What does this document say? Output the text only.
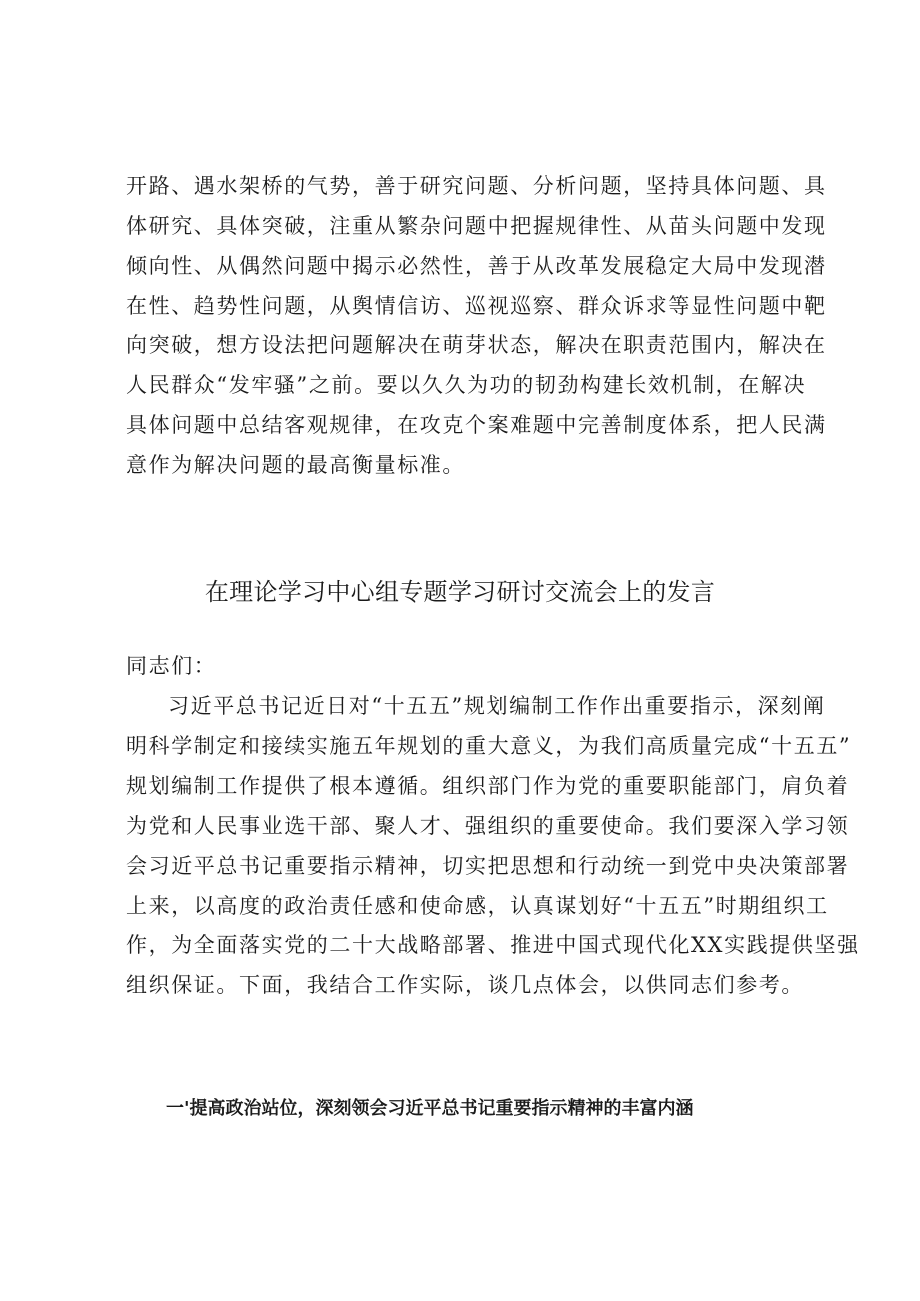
开路、遇水架桥的气势，善于研究问题、分析问题，坚持具体问题、具
体研究、具体突破，注重从繁杂问题中把握规律性、从苗头问题中发现
倾向性、从偶然问题中揭示必然性，善于从改革发展稳定大局中发现潜
在性、趋势性问题，从舆情信访、巡视巡察、群众诉求等显性问题中靶
向突破，想方设法把问题解决在萌芽状态，解决在职责范围内，解决在
人民群众“发牢骚”之前。要以久久为功的韧劲构建长效机制，在解决
具体问题中总结客观规律，在攻克个案难题中完善制度体系，把人民满
意作为解决问题的最高衡量标准。
在理论学习中心组专题学习研讨交流会上的发言
同志们：
习近平总书记近日对“十五五”规划编制工作作出重要指示，深刻阐
明科学制定和接续实施五年规划的重大意义，为我们高质量完成“十五五”
规划编制工作提供了根本遵循。组织部门作为党的重要职能部门，肩负着
为党和人民事业选干部、聚人才、强组织的重要使命。我们要深入学习领
会习近平总书记重要指示精神，切实把思想和行动统一到党中央决策部署
上来，以高度的政治责任感和使命感，认真谋划好“十五五”时期组织工
作，为全面落实党的二十大战略部署、推进中国式现代化XX实践提供坚强
组织保证。下面，我结合工作实际，谈几点体会，以供同志们参考。
一'提高政治站位，深刻领会习近平总书记重要指示精神的丰富内涵
